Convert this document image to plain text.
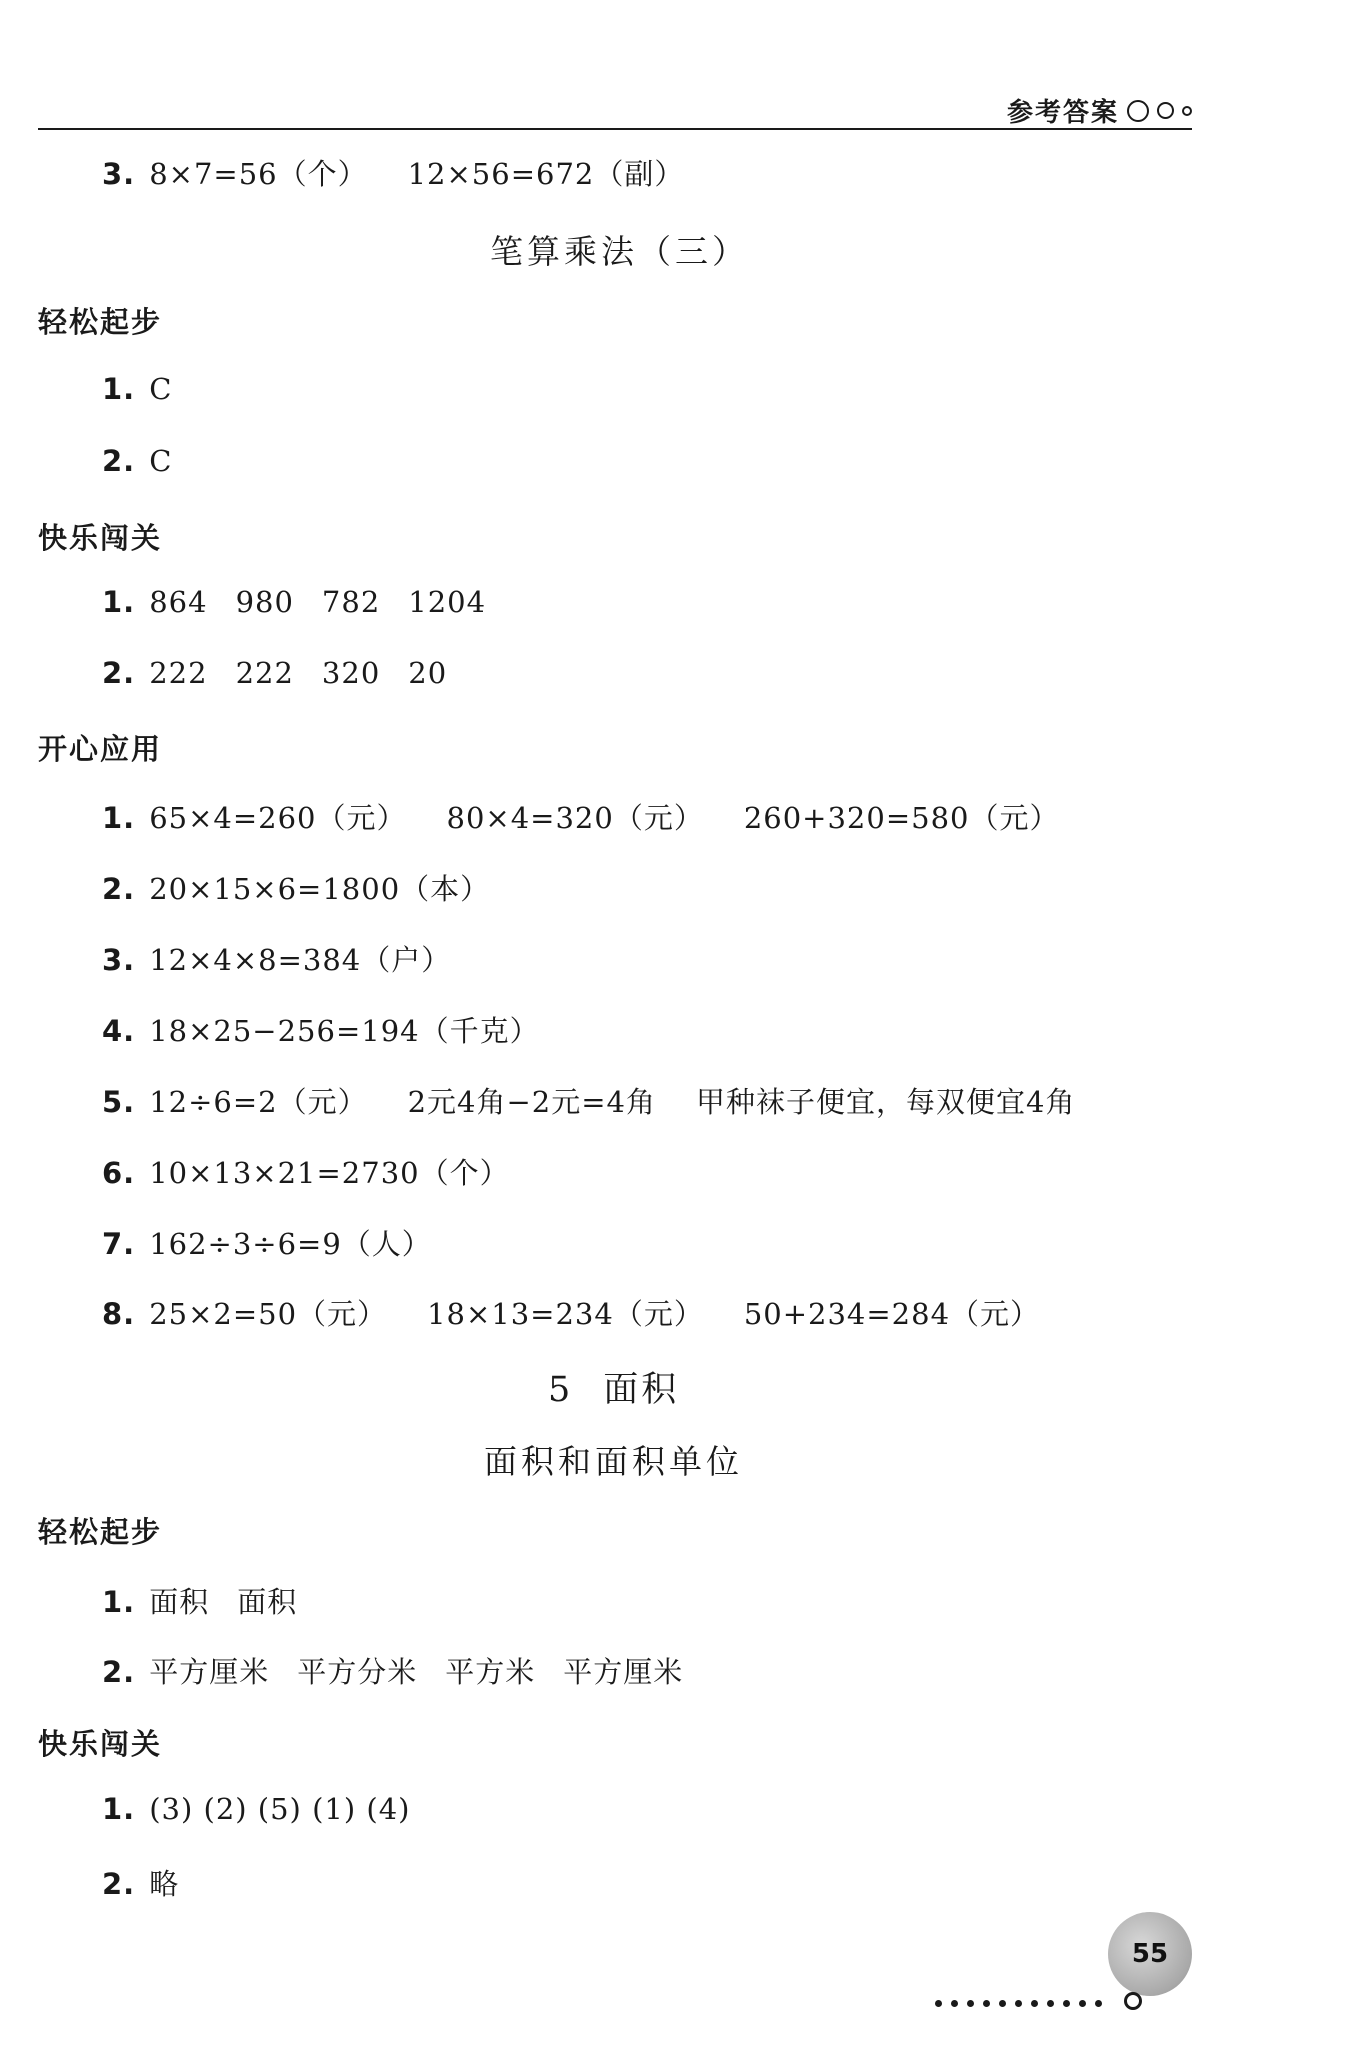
参考答案
3. 8×7=56（个） 12×56=672（副）
笔算乘法（三）
轻松起步
1. C
2. C
快乐闯关
1. 864 980 782 1204
2. 222 222 320 20
开心应用
1. 65×4=260（元） 80×4=320（元） 260+320=580（元）
2. 20×15×6=1800（本）
3. 12×4×8=384（户）
4. 18×25−256=194（千克）
5. 12÷6=2（元） 2元4角−2元=4角 甲种袜子便宜，每双便宜4角
6. 10×13×21=2730（个）
7. 162÷3÷6=9（人）
8. 25×2=50（元） 18×13=234（元） 50+234=284（元）
5 面积
面积和面积单位
轻松起步
1. 面积 面积
2. 平方厘米 平方分米 平方米 平方厘米
快乐闯关
1. (3) (2) (5) (1) (4)
2. 略
55
